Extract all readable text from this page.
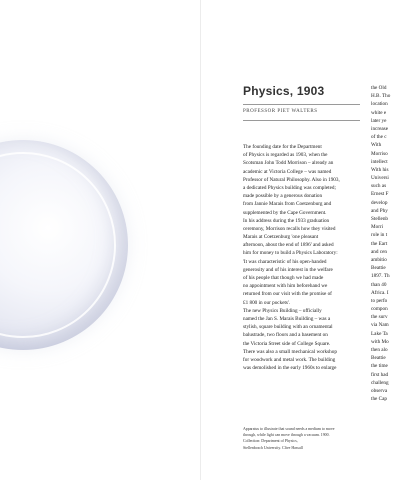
Physics, 1903
PROFESSOR PIET WALTERS

The founding date for the Department

of Physics is regarded as 1903, when the

Scotsman John Todd Morrison – already an

academic at Victoria College – was named

Professor of Natural Philosophy. Also in 1903,

a dedicated Physics building was completed;

made possible by a generous donation

from Jannie Marais from Coetzenburg and

supplemented by the Cape Government.

In his address during the 1933 graduation

ceremony, Morrison recalls how they visited

Marais at Coetzenburg 'one pleasant

afternoon, about the end of 1896' and asked

him for money to build a Physics Laboratory:

'It was characteristic of his open-handed

generosity and of his interest in the welfare

of his people that though we had made

no appointment with him beforehand we

returned from our visit with the promise of

£1 800 in our pockets'.

The new Physics Building – officially

named the Jan S. Marais Building – was a

stylish, square building with an ornamental

balustrade, two floors and a basement on

the Victoria Street side of College Square.

There was also a small mechanical workshop

for woodwork and metal work. The building

was demolished in the early 1960s to enlarge

the Old

H.B. Tho

location

white e

later ye

increase

of the c

With

Morriso

intellect

With his

Universi

such as

Ernest F

develop

and Phy

Stellenb

Morri

role in t

the Eart

and cen

ambitio

Beattie

1897. Th

than 40

Africa. I

to perfo

compon

the surv

via Nam

Lake Ta

with Mo

then alo

Beattie

the time

first had

challeng

observa

the Cap

Apparatus to illustrate that sound needs a medium to move

through, while light can move through a vacuum. 1900.

Collection: Department of Physics,

Stellenbosch University. Clive Hassall
